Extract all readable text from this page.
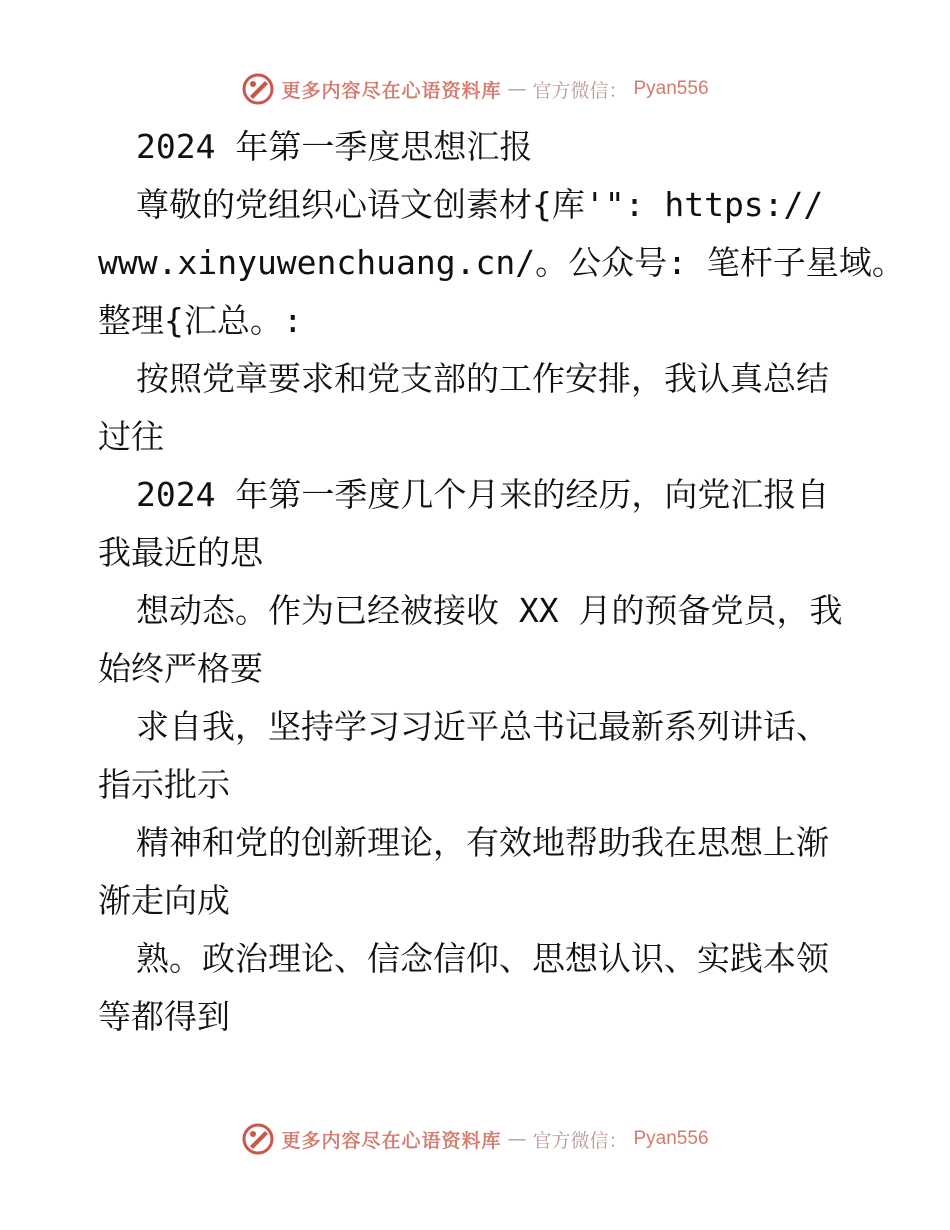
更多内容尽在心语资料库 — 官方微信： Pyan556
2024 年第一季度思想汇报
尊敬的党组织心语文创素材{库'": https://
www.xinyuwenchuang.cn/。公众号: 笔杆子星域。
整理{汇总。:
按照党章要求和党支部的工作安排，我认真总结
过往
2024 年第一季度几个月来的经历，向党汇报自
我最近的思
想动态。作为已经被接收 XX 月的预备党员，我
始终严格要
求自我，坚持学习习近平总书记最新系列讲话、
指示批示
精神和党的创新理论，有效地帮助我在思想上渐
渐走向成
熟。政治理论、信念信仰、思想认识、实践本领
等都得到
更多内容尽在心语资料库 — 官方微信： Pyan556
